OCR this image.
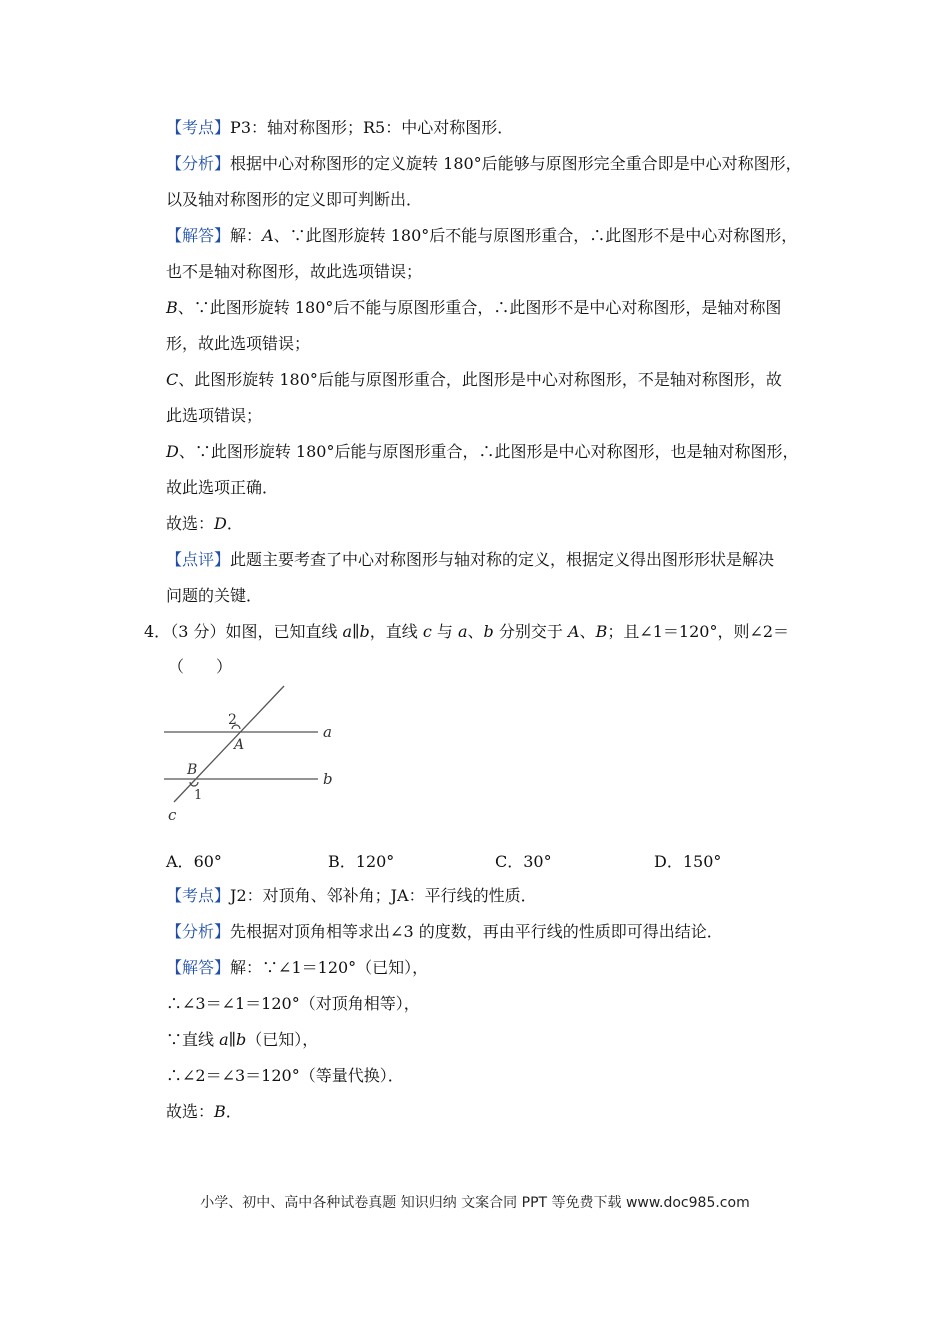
【考点】P3：轴对称图形；R5：中心对称图形．
【分析】根据中心对称图形的定义旋转 180°后能够与原图形完全重合即是中心对称图形，
以及轴对称图形的定义即可判断出．
【解答】解：A、∵此图形旋转 180°后不能与原图形重合，∴此图形不是中心对称图形，
也不是轴对称图形，故此选项错误；
B、∵此图形旋转 180°后不能与原图形重合，∴此图形不是中心对称图形，是轴对称图
形，故此选项错误；
C、此图形旋转 180°后能与原图形重合，此图形是中心对称图形，不是轴对称图形，故
此选项错误；
D、∵此图形旋转 180°后能与原图形重合，∴此图形是中心对称图形，也是轴对称图形，
故此选项正确．
故选：D．
【点评】此题主要考查了中心对称图形与轴对称的定义，根据定义得出图形形状是解决
问题的关键．
4．（3 分）如图，已知直线 a∥b，直线 c 与 a、b 分别交于 A、B；且∠1＝120°，则∠2＝
（　　）
2
A
a
B
1
b
c
A．60°	B．120°	C．30°	D．150°
【考点】J2：对顶角、邻补角；JA：平行线的性质．
【分析】先根据对顶角相等求出∠3 的度数，再由平行线的性质即可得出结论．
【解答】解：∵∠1＝120°（已知），
∴∠3＝∠1＝120°（对顶角相等），
∵直线 a∥b（已知），
∴∠2＝∠3＝120°（等量代换）．
故选：B．
小学、初中、高中各种试卷真题 知识归纳 文案合同 PPT 等免费下载 www.doc985.com
